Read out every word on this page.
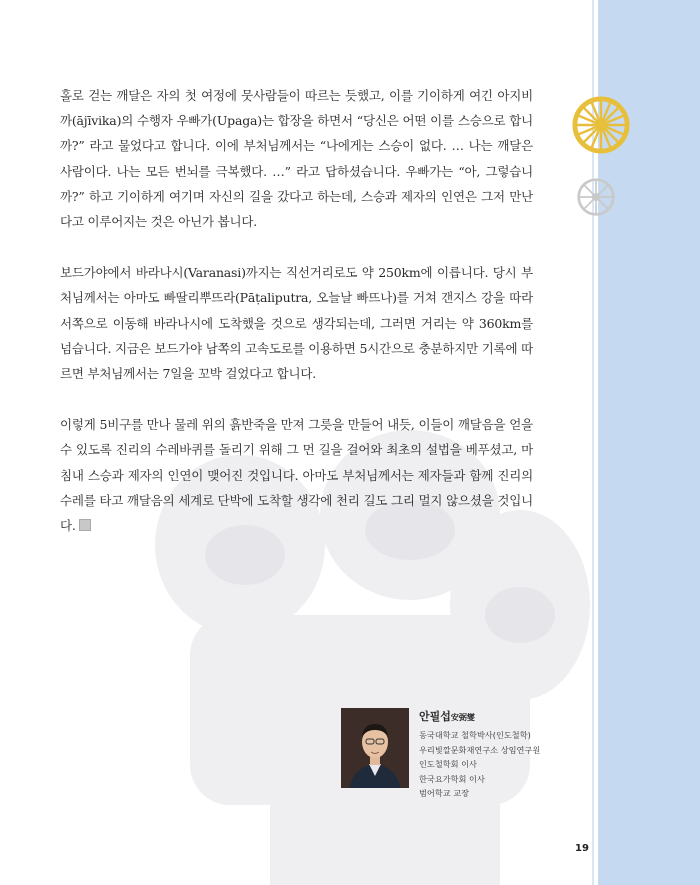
홀로 걷는 깨달은 자의 첫 여정에 뭇사람들이 따르는 듯했고, 이를 기이하게 여긴 아지비까(ājīvika)의 수행자 우빠가(Upaga)는 합장을 하면서 “당신은 어떤 이를 스승으로 합니까?” 라고 물었다고 합니다. 이에 부처님께서는 “나에게는 스승이 없다. … 나는 깨달은 사람이다. 나는 모든 번뇌를 극복했다. …” 라고 답하셨습니다. 우빠가는 “아, 그렇습니까?” 하고 기이하게 여기며 자신의 길을 갔다고 하는데, 스승과 제자의 인연은 그저 만난다고 이루어지는 것은 아닌가 봅니다.

보드가야에서 바라나시(Varanasi)까지는 직선거리로도 약 250km에 이릅니다. 당시 부처님께서는 아마도 빠딸리뿌뜨라(Pāṭaliputra, 오늘날 빠뜨나)를 거쳐 갠지스 강을 따라 서쪽으로 이동해 바라나시에 도착했을 것으로 생각되는데, 그러면 거리는 약 360km를 넘습니다. 지금은 보드가야 남쪽의 고속도로를 이용하면 5시간으로 충분하지만 기록에 따르면 부처님께서는 7일을 꼬박 걸었다고 합니다.

이렇게 5비구를 만나 물레 위의 흙반죽을 만져 그릇을 만들어 내듯, 이들이 깨달음을 얻을 수 있도록 진리의 수레바퀴를 돌리기 위해 그 먼 길을 걸어와 최초의 설법을 베푸셨고, 마침내 스승과 제자의 인연이 맺어진 것입니다. 아마도 부처님께서는 제자들과 함께 진리의 수레를 타고 깨달음의 세계로 단박에 도착할 생각에 천리 길도 그리 멀지 않으셨을 것입니다.

안필섭安弼燮
동국대학교 철학박사(인도철학)
우리빛깔문화재연구소 상임연구원
인도철학회 이사
한국요가학회 이사
범어학교 교장
19
